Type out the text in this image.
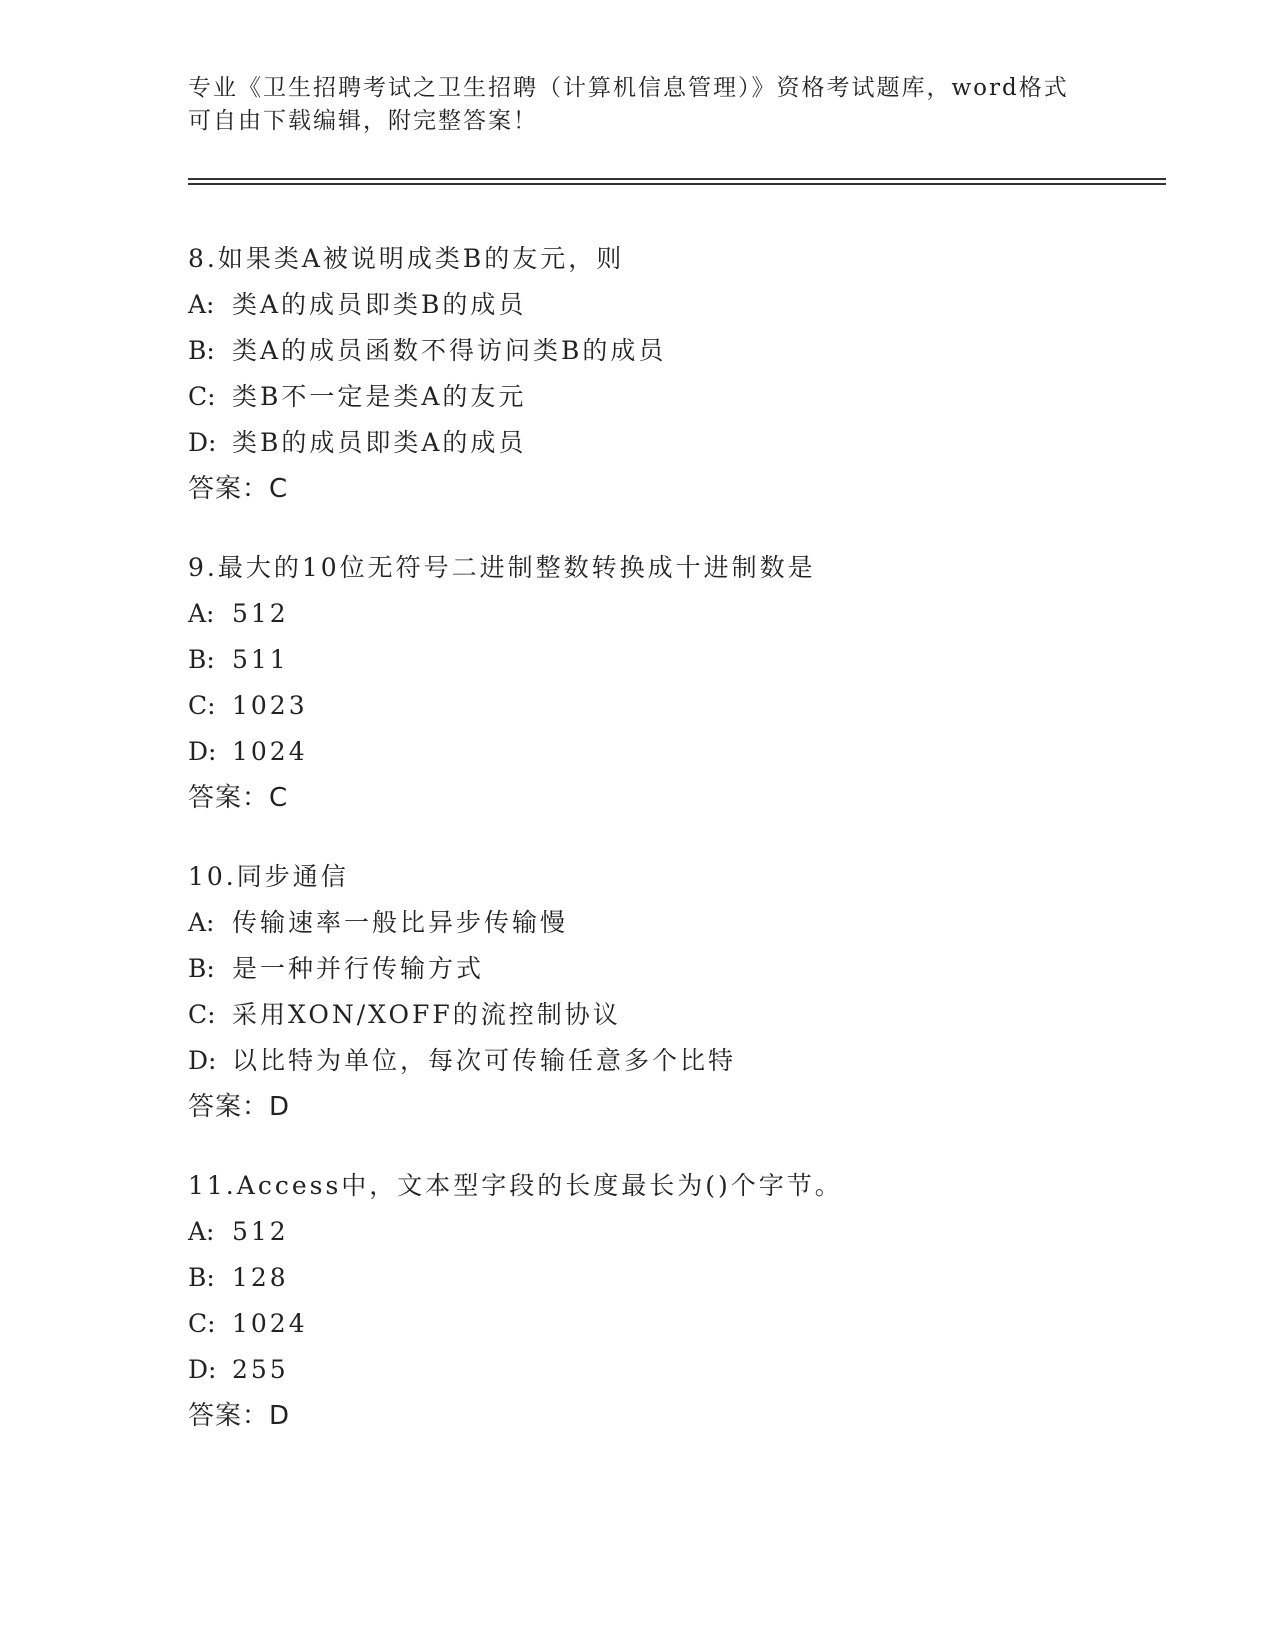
专业《卫生招聘考试之卫生招聘（计算机信息管理）》资格考试题库，word格式
可自由下载编辑，附完整答案！
8.如果类A被说明成类B的友元，则
A: 类A的成员即类B的成员
B: 类A的成员函数不得访问类B的成员
C: 类B不一定是类A的友元
D: 类B的成员即类A的成员
答案：C
9.最大的10位无符号二进制整数转换成十进制数是
A: 512
B: 511
C: 1023
D: 1024
答案：C
10.同步通信
A: 传输速率一般比异步传输慢
B: 是一种并行传输方式
C: 采用XON/XOFF的流控制协议
D: 以比特为单位，每次可传输任意多个比特
答案：D
11.Access中，文本型字段的长度最长为()个字节。
A: 512
B: 128
C: 1024
D: 255
答案：D
